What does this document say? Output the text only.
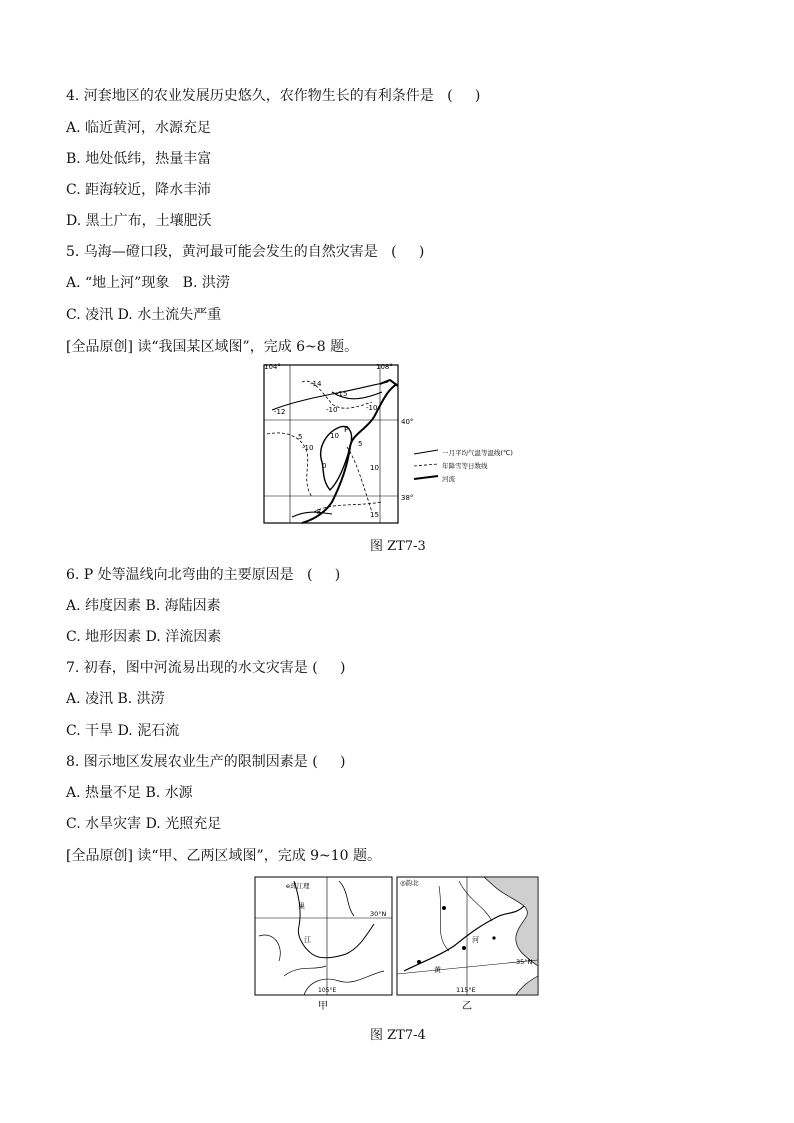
4. 河套地区的农业发展历史悠久，农作物生长的有利条件是   (     )
A. 临近黄河，水源充足
B. 地处低纬，热量丰富
C. 距海较近，降水丰沛
D. 黑土广布，土壤肥沃
5. 乌海—磴口段，黄河最可能会发生的自然灾害是   (     )
A. “地上河”现象   B. 洪涝
C. 凌汛 D. 水土流失严重
[全品原创] 读“我国某区域图”，完成 6~8 题。
104°	108°
40°
38°
-14
-15
-12	-10	-10
5
-10
10
5
0	10
-8	15
P
一月平均气温等温线(℃)
年降雪等日数线
河流
图 ZT7-3
6. P 处等温线向北弯曲的主要原因是   (     )
A. 纬度因素 B. 海陆因素
C. 地形因素 D. 洋流因素
7. 初春，图中河流易出现的水文灾害是 (     )
A. 凌汛 B. 洪涝
C. 干旱 D. 泥石流
8. 图示地区发展农业生产的限制因素是 (     )
A. 热量不足 B. 水源
C. 水旱灾害 D. 光照充足
[全品原创] 读“甲、乙两区域图”，完成 9~10 题。
e邳江理
巢
江
30°N
105°E
◎韵北
河
黄
35°N
115°E
甲	乙
图 ZT7-4
